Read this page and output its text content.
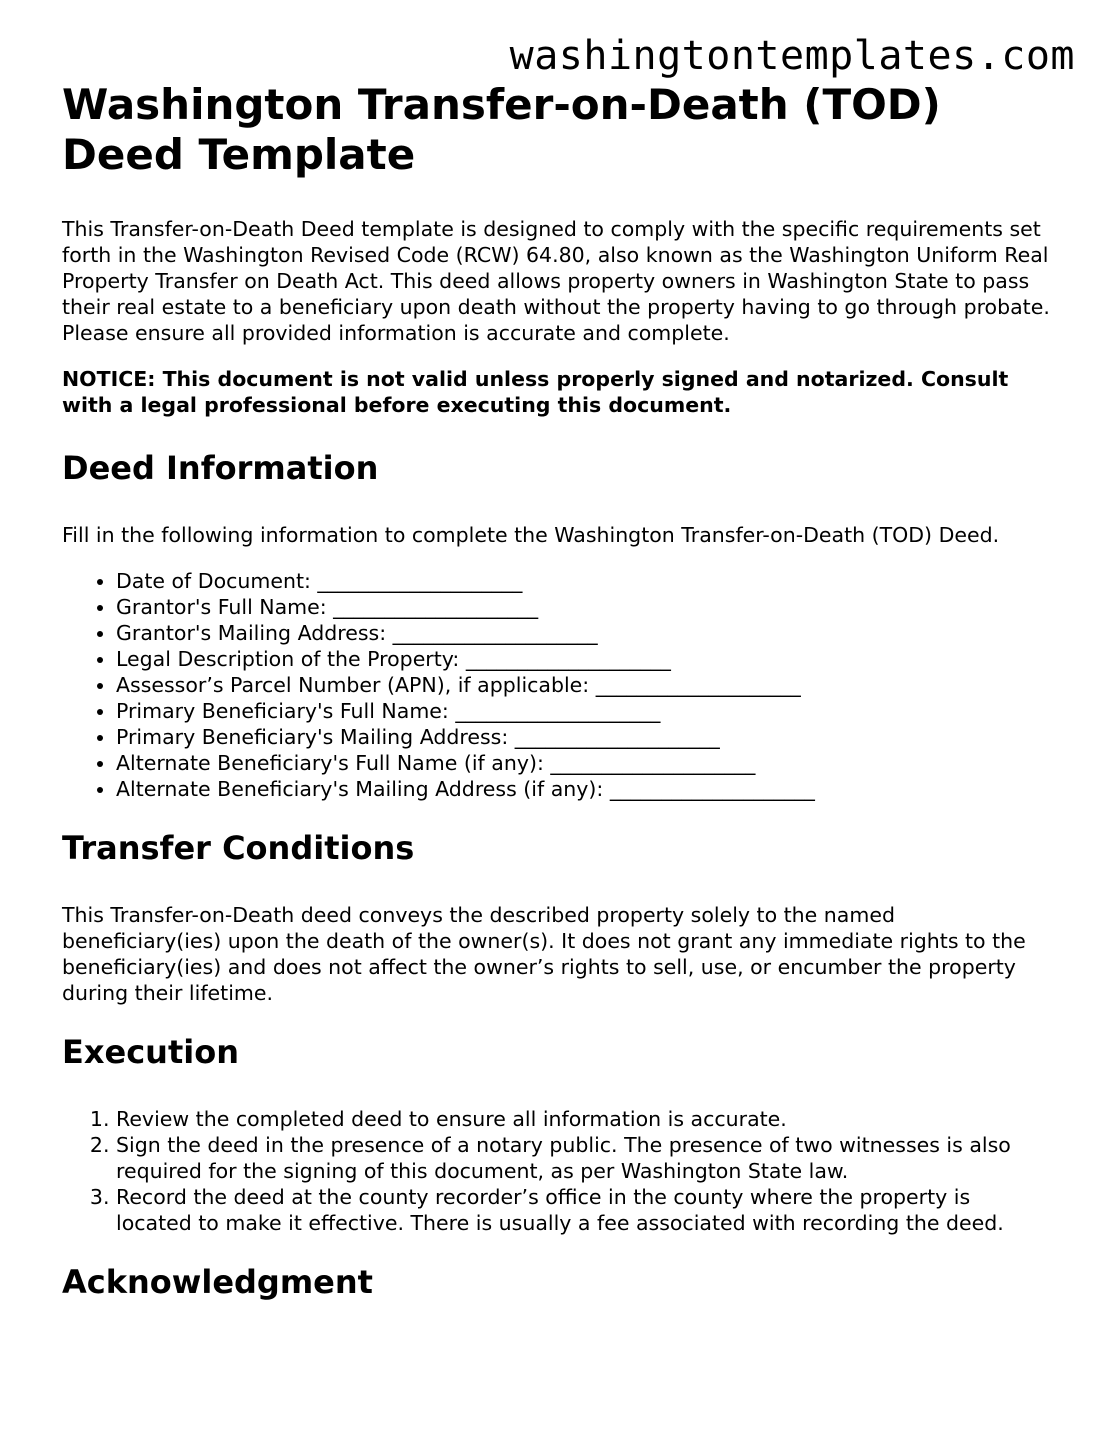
washingtontemplates.com
Washington Transfer-on-Death (TOD) Deed Template

This Transfer-on-Death Deed template is designed to comply with the specific requirements set forth in the Washington Revised Code (RCW) 64.80, also known as the Washington Uniform Real Property Transfer on Death Act. This deed allows property owners in Washington State to pass their real estate to a beneficiary upon death without the property having to go through probate. Please ensure all provided information is accurate and complete.

NOTICE: This document is not valid unless properly signed and notarized. Consult with a legal professional before executing this document.

Deed Information

Fill in the following information to complete the Washington Transfer-on-Death (TOD) Deed.

• Date of Document: ____________________
• Grantor's Full Name: ____________________
• Grantor's Mailing Address: ____________________
• Legal Description of the Property: ____________________
• Assessor’s Parcel Number (APN), if applicable: ____________________
• Primary Beneficiary's Full Name: ____________________
• Primary Beneficiary's Mailing Address: ____________________
• Alternate Beneficiary's Full Name (if any): ____________________
• Alternate Beneficiary's Mailing Address (if any): ____________________
Transfer Conditions

This Transfer-on-Death deed conveys the described property solely to the named beneficiary(ies) upon the death of the owner(s). It does not grant any immediate rights to the beneficiary(ies) and does not affect the owner’s rights to sell, use, or encumber the property during their lifetime.

Execution
1. Review the completed deed to ensure all information is accurate.
2. Sign the deed in the presence of a notary public. The presence of two witnesses is also required for the signing of this document, as per Washington State law.
3. Record the deed at the county recorder’s office in the county where the property is located to make it effective. There is usually a fee associated with recording the deed.
Acknowledgment
